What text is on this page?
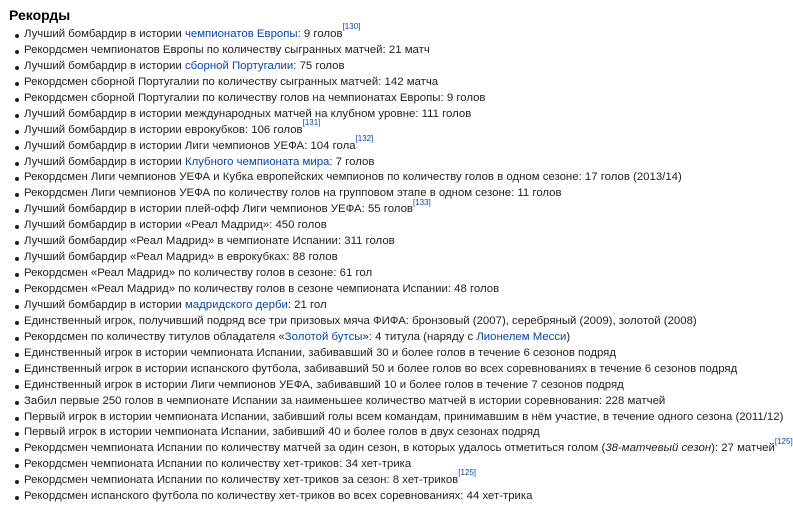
Рекорды
Лучший бомбардир в истории чемпионатов Европы: 9 голов[130]
Рекордсмен чемпионатов Европы по количеству сыгранных матчей: 21 матч
Лучший бомбардир в истории сборной Португалии: 75 голов
Рекордсмен сборной Португалии по количеству сыгранных матчей: 142 матча
Рекордсмен сборной Португалии по количеству голов на чемпионатах Европы: 9 голов
Лучший бомбардир в истории международных матчей на клубном уровне: 111 голов
Лучший бомбардир в истории еврокубков: 106 голов[131]
Лучший бомбардир в истории Лиги чемпионов УЕФА: 104 гола[132]
Лучший бомбардир в истории Клубного чемпионата мира: 7 голов
Рекордсмен Лиги чемпионов УЕФА и Кубка европейских чемпионов по количеству голов в одном сезоне: 17 голов (2013/14)
Рекордсмен Лиги чемпионов УЕФА по количеству голов на групповом этапе в одном сезоне: 11 голов
Лучший бомбардир в истории плей-офф Лиги чемпионов УЕФА: 55 голов[133]
Лучший бомбардир в истории «Реал Мадрид»: 450 голов
Лучший бомбардир «Реал Мадрид» в чемпионате Испании: 311 голов
Лучший бомбардир «Реал Мадрид» в еврокубках: 88 голов
Рекордсмен «Реал Мадрид» по количеству голов в сезоне: 61 гол
Рекордсмен «Реал Мадрид» по количеству голов в сезоне чемпионата Испании: 48 голов
Лучший бомбардир в истории мадридского дерби: 21 гол
Единственный игрок, получивший подряд все три призовых мяча ФИФА: бронзовый (2007), серебряный (2009), золотой (2008)
Рекордсмен по количеству титулов обладателя «Золотой бутсы»: 4 титула (наряду с Лионелем Месси)
Единственный игрок в истории чемпионата Испании, забивавший 30 и более голов в течение 6 сезонов подряд
Единственный игрок в истории испанского футбола, забивавший 50 и более голов во всех соревнованиях в течение 6 сезонов подряд
Единственный игрок в истории Лиги чемпионов УЕФА, забивавший 10 и более голов в течение 7 сезонов подряд
Забил первые 250 голов в чемпионате Испании за наименьшее количество матчей в истории соревнования: 228 матчей
Первый игрок в истории чемпионата Испании, забивший голы всем командам, принимавшим в нём участие, в течение одного сезона (2011/12)
Первый игрок в истории чемпионата Испании, забивший 40 и более голов в двух сезонах подряд
Рекордсмен чемпионата Испании по количеству матчей за один сезон, в которых удалось отметиться голом (38-матчевый сезон): 27 матчей[125]
Рекордсмен чемпионата Испании по количеству хет-триков: 34 хет-трика
Рекордсмен чемпионата Испании по количеству хет-триков за сезон: 8 хет-триков[125]
Рекордсмен испанского футбола по количеству хет-триков во всех соревнованиях: 44 хет-трика
